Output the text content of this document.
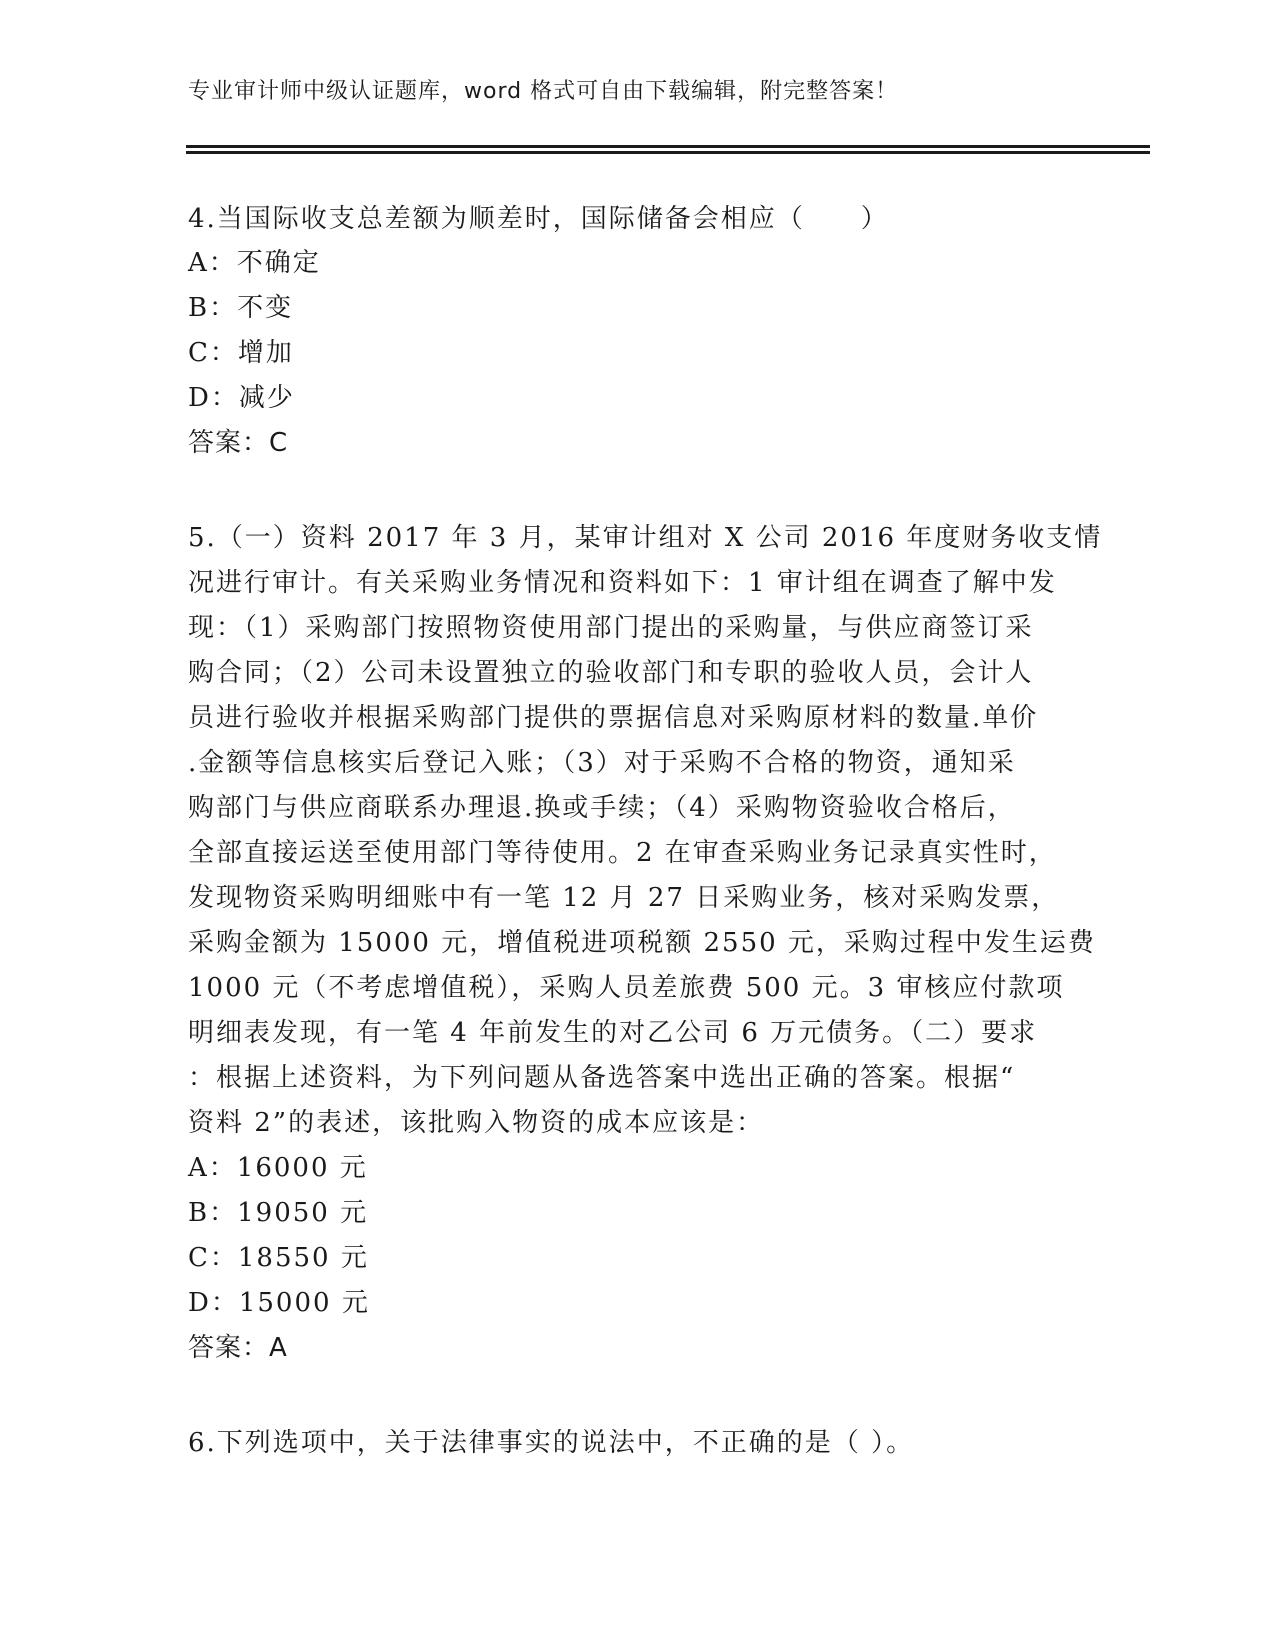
专业审计师中级认证题库，word 格式可自由下载编辑，附完整答案！
4.当国际收支总差额为顺差时，国际储备会相应（　　）
A：不确定
B：不变
C：增加
D：减少
答案：C
5.（一）资料 2017 年 3 月，某审计组对 X 公司 2016 年度财务收支情
况进行审计。有关采购业务情况和资料如下：1 审计组在调查了解中发
现：（1）采购部门按照物资使用部门提出的采购量，与供应商签订采
购合同；（2）公司未设置独立的验收部门和专职的验收人员，会计人
员进行验收并根据采购部门提供的票据信息对采购原材料的数量.单价
.金额等信息核实后登记入账；（3）对于采购不合格的物资，通知采
购部门与供应商联系办理退.换或手续；（4）采购物资验收合格后，
全部直接运送至使用部门等待使用。2 在审查采购业务记录真实性时，
发现物资采购明细账中有一笔 12 月 27 日采购业务，核对采购发票，
采购金额为 15000 元，增值税进项税额 2550 元，采购过程中发生运费
1000 元（不考虑增值税），采购人员差旅费 500 元。3 审核应付款项
明细表发现，有一笔 4 年前发生的对乙公司 6 万元债务。（二）要求
：根据上述资料，为下列问题从备选答案中选出正确的答案。根据“
资料 2”的表述，该批购入物资的成本应该是：
A：16000 元
B：19050 元
C：18550 元
D：15000 元
答案：A
6.下列选项中，关于法律事实的说法中，不正确的是（ ）。
